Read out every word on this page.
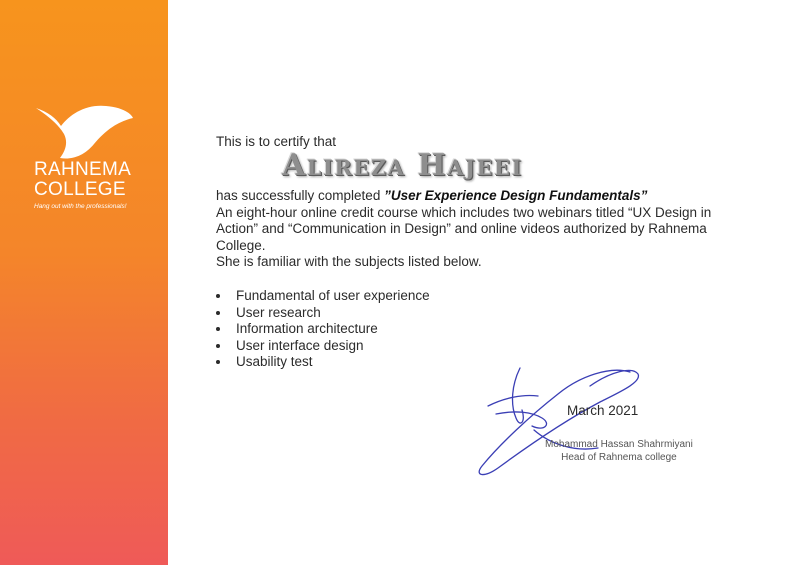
RAHNEMA
COLLEGE
Hang out with the professionals!
This is to certify that
Alireza Hajeei
has successfully completed ”User Experience Design Fundamentals”
An eight-hour online credit course which includes two webinars titled “UX Design in Action” and “Communication in Design” and online videos authorized by Rahnema College.
She is familiar with the subjects listed below.
Fundamental of user experience
User research
Information architecture
User interface design
Usability test
March 2021
Mohammad Hassan Shahrmiyani
Head of Rahnema college
